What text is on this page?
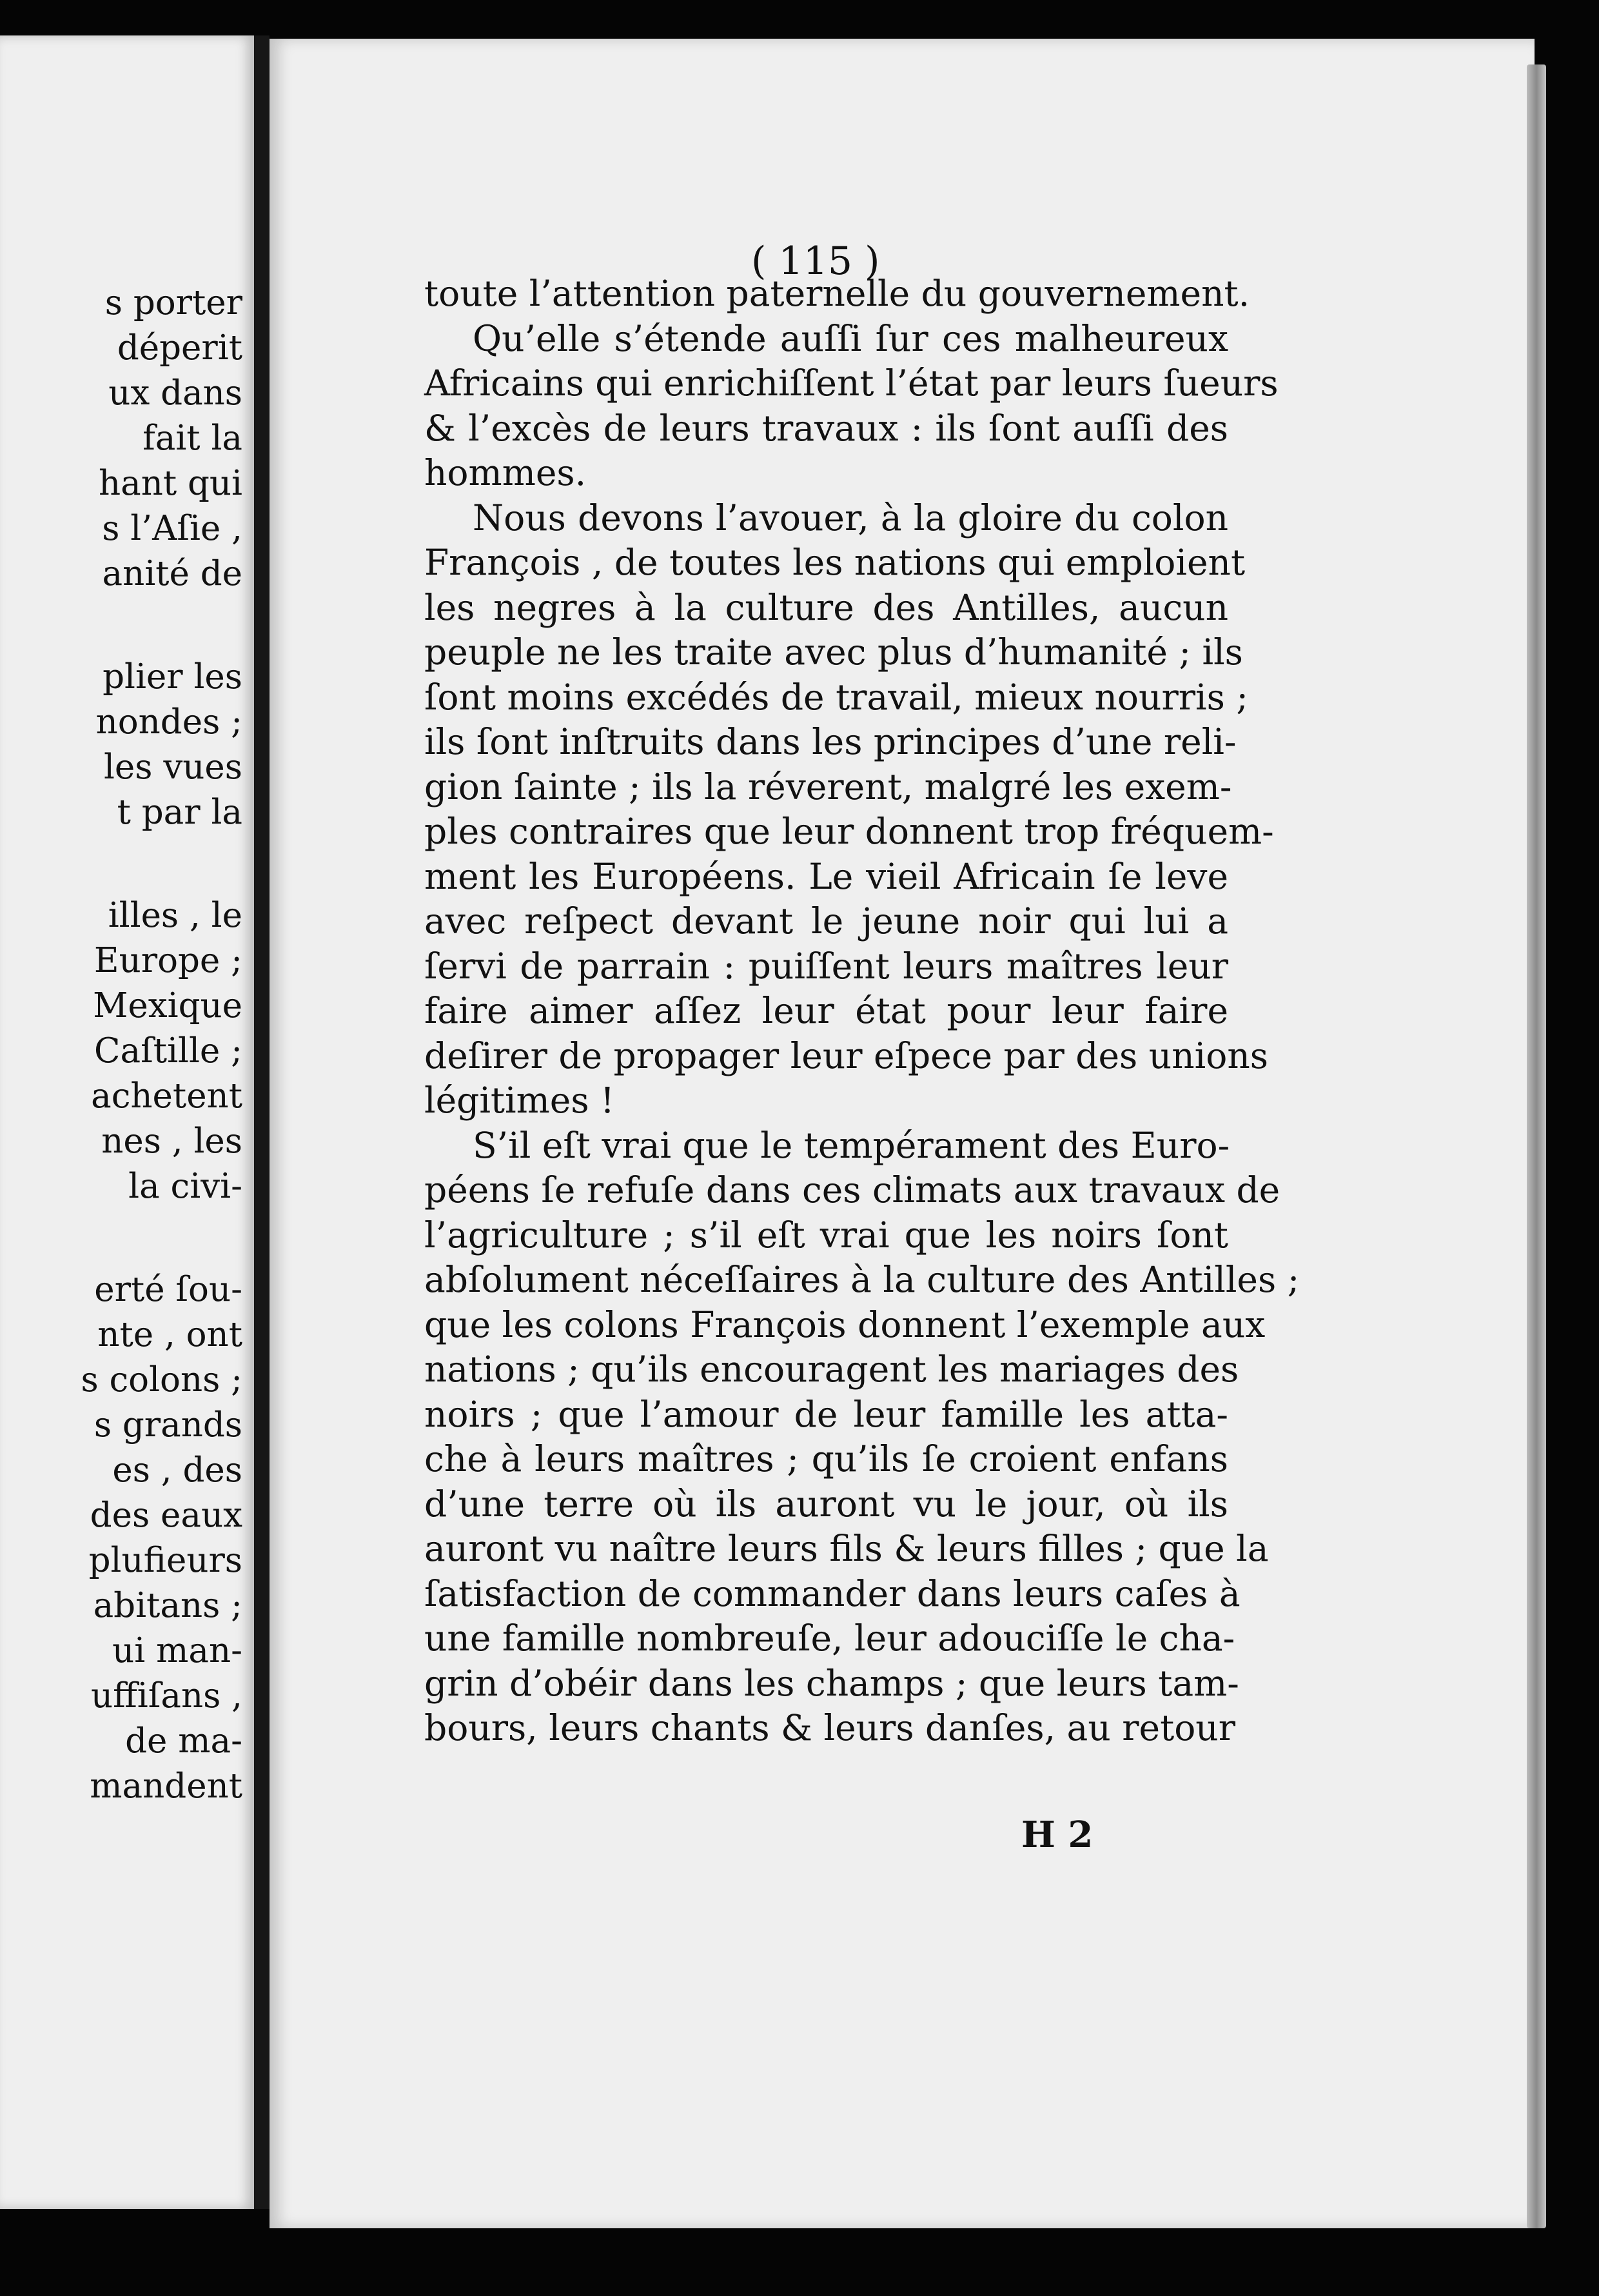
s porter

déperit

ux dans

fait la

hant qui

s l’Aſie ,

anité de

plier les

nondes ;

les vues

t par la

illes , le

Europe ;

Mexique

Caſtille ;

achetent

nes , les

la civi-

erté ſou-

nte , ont

s colons ;

s grands

es , des

des eaux

plufieurs

abitans ;

ui man-

uffiſans ,

de ma-

mandent

( 115 )

toute l’attention paternelle du gouvernement.

Qu’elle s’étende auſſi ſur ces malheureux

Africains qui enrichiſſent l’état par leurs ſueurs

& l’excès de leurs travaux : ils ſont auſſi des

hommes.

Nous devons l’avouer, à la gloire du colon

François , de toutes les nations qui emploient

les negres à la culture des Antilles, aucun

peuple ne les traite avec plus d’humanité ; ils

ſont moins excédés de travail, mieux nourris ;

ils ſont inſtruits dans les principes d’une reli-

gion ſainte ; ils la réverent, malgré les exem-

ples contraires que leur donnent trop fréquem-

ment les Européens. Le vieil Africain ſe leve

avec reſpect devant le jeune noir qui lui a

ſervi de parrain : puiſſent leurs maîtres leur

faire aimer aſſez leur état pour leur faire

deſirer de propager leur eſpece par des unions

légitimes !

S’il eſt vrai que le tempérament des Euro-

péens ſe refuſe dans ces climats aux travaux de

l’agriculture ; s’il eſt vrai que les noirs ſont

abſolument néceſſaires à la culture des Antilles ;

que les colons François donnent l’exemple aux

nations ; qu’ils encouragent les mariages des

noirs ; que l’amour de leur famille les atta-

che à leurs maîtres ; qu’ils ſe croient enfans

d’une terre où ils auront vu le jour, où ils

auront vu naître leurs fils & leurs filles ; que la

ſatisfaction de commander dans leurs caſes à

une famille nombreuſe, leur adouciſſe le cha-

grin d’obéir dans les champs ; que leurs tam-

bours, leurs chants & leurs danſes, au retour

H 2
